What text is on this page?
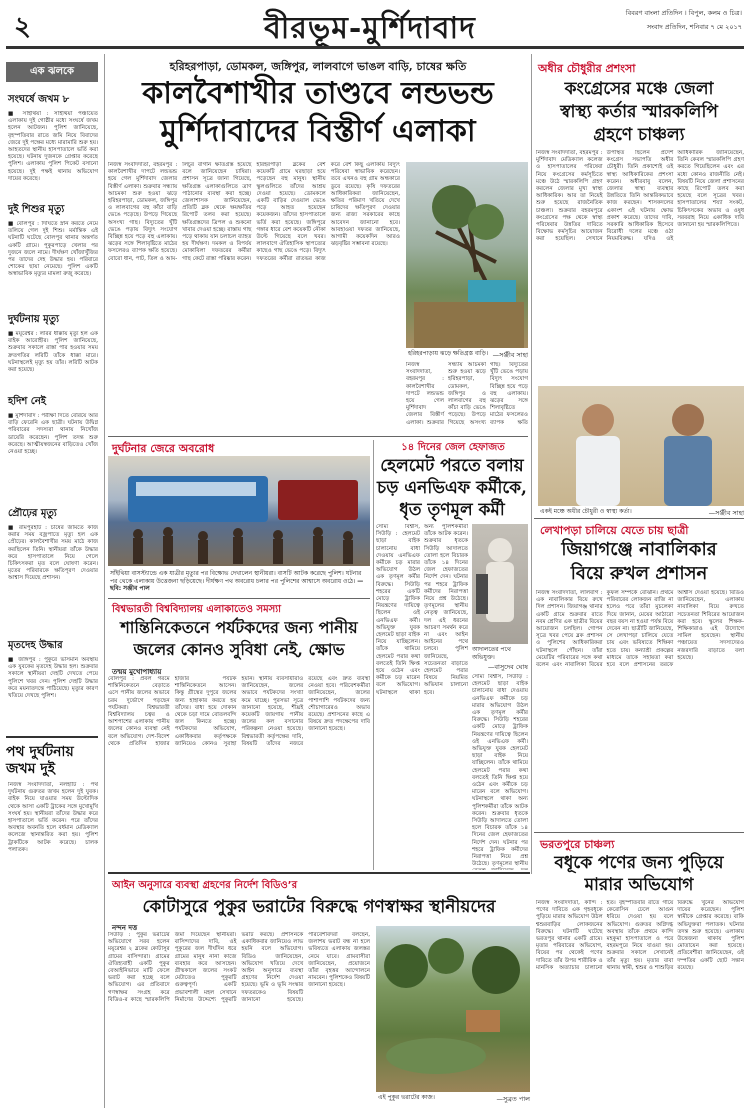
২	বীরভূম-মুর্শিদাবাদ	বিবরণ বাংলা প্রতিদিন । বিপুল, কলম ও চিত্র।
সংবাদ প্রতিদিন, শনিবার ৭ মে ২০১৭
এক ঝলকে
সংঘর্ষে জখম ৮
■ সাঁইথিয়া : সাঁইথিয়া পঞ্চায়েত এলাকায় দুই গোষ্ঠীর মধ্যে সংঘর্ষে জখম হলেন আটজন। পুলিশ জানিয়েছে, বৃহস্পতিবার রাতে জমি নিয়ে বিবাদের জেরে দুই পক্ষের মধ্যে মারামারি শুরু হয়। আহতদের স্থানীয় হাসপাতালে ভর্তি করা হয়েছে। ঘটনায় দুজনকে গ্রেপ্তার করেছে পুলিশ। এলাকায় পুলিশ পিকেট বসানো হয়েছে। দুই পক্ষই থানায় অভিযোগ দায়ের করেছে।
দুই শিশুর মৃত্যু
■ বোলপুর : দিঘিতে স্নান করতে নেমে তলিয়ে গেল দুই শিশু। মর্মান্তিক এই ঘটনাটি ঘটেছে বোলপুর থানার অন্তর্গত একটি গ্রামে। পুকুরপাড়ে খেলার পর দুজনে জলে নামে। দীর্ঘক্ষণ খোঁজাখুঁজির পর তাদের দেহ উদ্ধার হয়। পরিবারে শোকের ছায়া নেমেছে। পুলিশ একটি অস্বাভাবিক মৃত্যুর মামলা রুজু করেছে।
দুর্ঘটনায় মৃত্যু
■ ময়ূরেশ্বর : লরির ধাক্কায় মৃত্যু হল এক বাইক আরোহীর। পুলিশ জানিয়েছে, শুক্রবার সকালে রাস্তা পার হওয়ার সময় দ্রুতগতির লরিটি তাঁকে ধাক্কা মারে। ঘটনাস্থলেই মৃত্যু হয় তাঁর। লরিটি আটক করা হয়েছে।
হদিশ নেই
■ মুর্শিদাবাদ : পরীক্ষা দিতে বেরিয়ে আর বাড়ি ফেরেনি এক ছাত্রী। ঘটনায় উদ্বিগ্ন পরিবারের সদস্যরা থানায় নিখোঁজ ডায়েরি করেছেন। পুলিশ তদন্ত শুরু করেছে। আত্মীয়স্বজনের বাড়িতেও খোঁজ নেওয়া হচ্ছে।
প্রৌঢ়ের মৃত্যু
■ রামপুরহাট : চাষের জমিতে কাজ করার সময় বজ্রপাতে মৃত্যু হল এক প্রৌঢ়ের। কালবৈশাখীর সময় মাঠে কাজ করছিলেন তিনি। স্থানীয়রা তাঁকে উদ্ধার করে হাসপাতালে নিয়ে গেলে চিকিৎসকরা মৃত বলে ঘোষণা করেন। মৃতের পরিবারকে ক্ষতিপূরণ দেওয়ার আশ্বাস দিয়েছে প্রশাসন।
মৃতদেহ উদ্ধার
■ জঙ্গিপুর : পুকুরে ভাসমান অবস্থায় এক যুবকের মৃতদেহ উদ্ধার হল। শুক্রবার সকালে স্থানীয়রা দেহটি দেখতে পেয়ে পুলিশে খবর দেন। পুলিশ দেহটি উদ্ধার করে ময়নাতদন্তে পাঠিয়েছে। মৃত্যুর কারণ খতিয়ে দেখছে পুলিশ।
পথ দুর্ঘটনায় জখম দুই
নিজস্ব সংবাদদাতা, নলহাটি : পথ দুর্ঘটনায় গুরুতর জখম হলেন দুই যুবক। বাইক নিয়ে যাওয়ার সময় উল্টোদিক থেকে আসা একটি ট্রাকের সঙ্গে মুখোমুখি সংঘর্ষ হয়। স্থানীয়রা তাঁদের উদ্ধার করে হাসপাতালে ভর্তি করেন। পরে তাঁদের অবস্থার অবনতি হলে বর্ধমান মেডিক্যাল কলেজে স্থানান্তরিত করা হয়। পুলিশ ট্রাকটিকে আটক করেছে। চালক পলাতক।
হরিহরপাড়া, ডোমকল, জঙ্গিপুর, লালবাগে ভাঙল বাড়ি, চাষের ক্ষতি
কালবৈশাখীর তাণ্ডবে লন্ডভন্ড
মুর্শিদাবাদের বিস্তীর্ণ এলাকা
নিজস্ব সংবাদদাতা, বহরমপুর : কালবৈশাখীর দাপটে লন্ডভন্ড হয়ে গেল মুর্শিদাবাদ জেলার বিস্তীর্ণ এলাকা। শুক্রবার সন্ধ্যায় আচমকা শুরু হওয়া ঝড়ে হরিহরপাড়া, ডোমকল, জঙ্গিপুর ও লালবাগের বহু কাঁচা বাড়ি ভেঙে পড়েছে। উপড়ে গিয়েছে অসংখ্য গাছ। বিদ্যুতের খুঁটি ভেঙে পড়ায় বিদ্যুৎ সংযোগ বিচ্ছিন্ন হয়ে পড়ে বহু এলাকায়। ঝড়ের সঙ্গে শিলাবৃষ্টিতে মাঠের ফসলেরও ব্যাপক ক্ষতি হয়েছে। বোরো ধান, পাট, তিল ও আম-লিচুর বাগান ক্ষতিগ্রস্ত হয়েছে বলে জানিয়েছেন চাষিরা। প্রশাসন সূত্রে জানা গিয়েছে, ক্ষতিগ্রস্ত এলাকাগুলিতে ত্রাণ পাঠানোর ব্যবস্থা করা হচ্ছে। জেলাশাসক জানিয়েছেন, প্রতিটি ব্লক থেকে ক্ষয়ক্ষতির রিপোর্ট তলব করা হয়েছে। ক্ষতিগ্রস্তদের ত্রিপল ও শুকনো খাবার দেওয়া হচ্ছে। রাস্তায় গাছ পড়ে থাকায় যান চলাচল ব্যাহত হয় দীর্ঘক্ষণ। দমকল ও বিপর্যয় মোকাবিলা দফতরের কর্মীরা গাছ কেটে রাস্তা পরিষ্কার করেন। হরিহরপাড়া ব্লকের বেশ কয়েকটি গ্রামে ঘরছাড়া হয়ে পড়েছেন বহু মানুষ। স্থানীয় স্কুলগুলিতে তাঁদের আশ্রয় দেওয়া হয়েছে। ডোমকলে একটি বাড়ির দেওয়াল ভেঙে পড়ে আহত হয়েছেন কয়েকজন। তাঁদের হাসপাতালে ভর্তি করা হয়েছে। জঙ্গিপুরে গঙ্গার ধারে বেশ কয়েকটি নৌকা উল্টে গিয়েছে বলে খবর। লালবাগে ঐতিহাসিক স্থাপত্যের কাছেও গাছ ভেঙে পড়ে। বিদ্যুৎ দফতরের কর্মীরা রাতভর কাজ করে বেশ কিছু এলাকায় বিদ্যুৎ পরিষেবা স্বাভাবিক করেছেন। তবে এখনও বহু গ্রাম অন্ধকারে ডুবে রয়েছে। কৃষি দফতরের আধিকারিকরা জানিয়েছেন, ক্ষতির পরিমাণ খতিয়ে দেখে চাষিদের ক্ষতিপূরণ দেওয়ার জন্য রাজ্য সরকারের কাছে আবেদন জানানো হবে। আবহাওয়া দফতর জানিয়েছে, আগামী কয়েকদিন আরও ঝড়বৃষ্টির সম্ভাবনা রয়েছে।
হরিহরপাড়ায় ঝড়ে ক্ষতিগ্রস্ত বাড়ি। —সঞ্জীব সাহা
নিজস্ব সংবাদদাতা, বহরমপুর : কালবৈশাখীর দাপটে লন্ডভন্ড হয়ে গেল মুর্শিদাবাদ জেলার বিস্তীর্ণ এলাকা। শুক্রবার সন্ধ্যায় আচমকা শুরু হওয়া ঝড়ে হরিহরপাড়া, ডোমকল, জঙ্গিপুর ও লালবাগের বহু কাঁচা বাড়ি ভেঙে পড়েছে। উপড়ে গিয়েছে অসংখ্য গাছ। বিদ্যুতের খুঁটি ভেঙে পড়ায় বিদ্যুৎ সংযোগ বিচ্ছিন্ন হয়ে পড়ে বহু এলাকায়। ঝড়ের সঙ্গে শিলাবৃষ্টিতে মাঠের ফসলেরও ব্যাপক ক্ষতি
দুর্ঘটনার জেরে অবরোধ
সাঁইথিয়া বাসস্ট্যান্ডে এক যাত্রীর মৃত্যুর পর বিক্ষোভ দেখালেন স্থানীয়রা। বাসটি আটক করেছে পুলিশ। ঘটনার পর থেকে এলাকায় উত্তেজনা ছড়িয়েছে। দীর্ঘক্ষণ পথ অবরোধ চলার পর পুলিশের আশ্বাসে অবরোধ ওঠে। —ছবি: সঞ্জীব পাল
বিশ্বভারতী বিশ্ববিদ্যালয় এলাকাতেও সমস্যা
শান্তিনিকেতনে পর্যটকদের জন্য পানীয়
জলের কোনও সুবিধা নেই, ক্ষোভ
তন্ময় মুখোপাধ্যায়
বোলপুর : প্রবল গরমে শান্তিনিকেতনে বেড়াতে এসে পানীয় জলের অভাবে চরম দুর্ভোগে পড়ছেন পর্যটকরা। বিশ্বভারতী বিশ্ববিদ্যালয় চত্বর ও আশপাশের এলাকায় পানীয় জলের কোনও ব্যবস্থা নেই বলে অভিযোগ। দেশ-বিদেশ থেকে প্রতিদিন হাজার হাজার পর্যটক শান্তিনিকেতনে আসেন। কিন্তু গ্রীষ্মের দুপুরে জলের জন্য হাহাকার করতে হয় তাঁদের। বাধ্য হয়ে দোকান থেকে চড়া দামে বোতলবন্দি জল কিনতে হচ্ছে। পর্যটকদের অভিযোগ, একাধিকবার কর্তৃপক্ষকে জানিয়েও কোনও সুরাহা হয়নি। স্থানীয় ব্যবসায়ীরাও জানিয়েছেন, জলের অভাবে পর্যটকদের সংখ্যা কমে যাচ্ছে। পুরসভা সূত্রে জানানো হয়েছে, শীঘ্রই কয়েকটি জায়গায় পানীয় জলের কল বসানোর পরিকল্পনা নেওয়া হয়েছে। বিশ্বভারতী কর্তৃপক্ষের দাবি, বিষয়টি তাঁদের নজরে রয়েছে এবং দ্রুত ব্যবস্থা নেওয়া হবে। পরিবেশকর্মীরা জানিয়েছেন, জলের পাশাপাশি পর্যটকদের জন্য শৌচাগারেরও অভাব রয়েছে। প্রশাসনের কাছে এ বিষয়ে দ্রুত পদক্ষেপের দাবি জানানো হয়েছে।
১৪ দিনের জেল হেফাজত
হেলমেট পরতে বলায়
চড় এনভিএফ কর্মীকে,
ধৃত তৃণমূল কর্মী
সৌম্য বিশ্বাস, সিউড়ি : হেলমেট ছাড়া বাইক চালানোয় বাধা দেওয়ায় এনভিএফ কর্মীকে চড় মারার অভিযোগ উঠল এক তৃণমূল কর্মীর বিরুদ্ধে। সিউড়ি শহরের একটি মোড়ে ট্রাফিক নিয়ন্ত্রণের দায়িত্বে ছিলেন ওই এনভিএফ কর্মী। অভিযুক্ত যুবক হেলমেট ছাড়া বাইক নিয়ে যাচ্ছিলেন। তাঁকে থামিয়ে হেলমেট পরার কথা বলতেই তিনি ক্ষিপ্ত হয়ে ওঠেন এবং কর্মীকে চড় মারেন বলে অভিযোগ। ঘটনাস্থলে থাকা অন্য পুলিশকর্মীরা তাঁকে আটক করেন। শুক্রবার ধৃতকে সিউড়ি আদালতে তোলা হলে বিচারক তাঁকে ১৪ দিনের জেল হেফাজতের নির্দেশ দেন। ঘটনার পর শহরে ট্রাফিক কর্মীদের নিরাপত্তা নিয়ে প্রশ্ন উঠেছে। তৃণমূলের স্থানীয় নেতৃত্ব জানিয়েছে, দল এই ধরনের আচরণ সমর্থন করে না এবং আইন আইনের পথে চলবে। পুলিশ জানিয়েছে, সচেতনতা বাড়াতে হেলমেট পরার বিষয়ে নিয়মিত অভিযান চালানো হবে।
আদালতের পথে অভিযুক্ত।
—বাসুদেব ঘোষ
সৌম্য বিশ্বাস, সিউড়ি : হেলমেট ছাড়া বাইক চালানোয় বাধা দেওয়ায় এনভিএফ কর্মীকে চড় মারার অভিযোগ উঠল এক তৃণমূল কর্মীর বিরুদ্ধে। সিউড়ি শহরের একটি মোড়ে ট্রাফিক নিয়ন্ত্রণের দায়িত্বে ছিলেন ওই এনভিএফ কর্মী। অভিযুক্ত যুবক হেলমেট ছাড়া বাইক নিয়ে যাচ্ছিলেন। তাঁকে থামিয়ে হেলমেট পরার কথা বলতেই তিনি ক্ষিপ্ত হয়ে ওঠেন এবং কর্মীকে চড় মারেন বলে অভিযোগ। ঘটনাস্থলে থাকা অন্য পুলিশকর্মীরা তাঁকে আটক করেন। শুক্রবার ধৃতকে সিউড়ি আদালতে তোলা হলে বিচারক তাঁকে ১৪ দিনের জেল হেফাজতের নির্দেশ দেন। ঘটনার পর শহরে ট্রাফিক কর্মীদের নিরাপত্তা নিয়ে প্রশ্ন উঠেছে। তৃণমূলের স্থানীয়
অধীর চৌধুরীর প্রশংসা
কংগ্রেসের মঞ্চে জেলা
স্বাস্থ্য কর্তার স্মারকলিপি
গ্রহণে চাঞ্চল্য
নিজস্ব সংবাদদাতা, বহরমপুর : মুর্শিদাবাদ মেডিক্যাল কলেজ ও হাসপাতালের পরিষেবা নিয়ে কংগ্রেসের কর্মসূচিতে মঞ্চে উঠে স্মারকলিপি গ্রহণ করলেন জেলার মুখ্য স্বাস্থ্য আধিকারিক। আর তা নিয়েই শুরু হয়েছে রাজনৈতিক চাঞ্চল্য। শুক্রবার বহরমপুরে কংগ্রেসের পক্ষ থেকে স্বাস্থ্য পরিষেবার উন্নতির দাবিতে বিক্ষোভ কর্মসূচির আয়োজন করা হয়েছিল। সেখানে উপস্থিত ছিলেন প্রদেশ কংগ্রেস সভাপতি অধীর চৌধুরী। তিনি প্রকাশ্যেই ওই স্বাস্থ্য আধিকারিকের প্রশংসা করেন। অধীরবাবু বলেন, জেলার স্বাস্থ্য ব্যবস্থার উন্নতিতে তিনি আন্তরিকভাবে কাজ করছেন। শাসকদলের একাংশ এই ঘটনায় ক্ষোভ প্রকাশ করেছে। তাদের দাবি, সরকারি আধিকারিক হিসেবে বিরোধী দলের মঞ্চে ওঠা নিয়মবিরুদ্ধ। যদিও ওই আধিকারিক জানিয়েছেন, তিনি কেবল স্মারকলিপি গ্রহণ করতে গিয়েছিলেন এবং এর মধ্যে কোনও রাজনীতি নেই। বিষয়টি নিয়ে জেলা প্রশাসনের কাছে রিপোর্ট তলব করা হয়েছে বলে সূত্রের খবর। হাসপাতালের শয্যা সংকট, চিকিৎসকের অভাব ও ওষুধ সরবরাহ নিয়ে একাধিক দাবি জানানো হয় স্মারকলিপিতে।
একই মঞ্চে অধীর চৌধুরী ও স্বাস্থ্য কর্তা।	—সঞ্জীব সাহা
লেখাপড়া চালিয়ে যেতে চায় ছাত্রী
জিয়াগঞ্জে নাবালিকার
বিয়ে রুখল প্রশাসন
নিজস্ব সংবাদদাতা, লালবাগ : এক নাবালিকার বিয়ে রুখে দিল প্রশাসন। জিয়াগঞ্জ থানার একটি গ্রামে শুক্রবার রাতে নবম শ্রেণির এক ছাত্রীর বিয়ের আয়োজন চলছিল। গোপন সূত্রে খবর পেয়ে ব্লক প্রশাসন ও পুলিশের আধিকারিকরা ঘটনাস্থলে পৌঁছন। তাঁরা মেয়েটির পরিবারের সঙ্গে কথা বলেন এবং নাবালিকা বিয়ের কুফল সম্পর্কে বোঝান। প্রথমে পরিবারের লোকজন রাজি না হলেও পরে তাঁরা মুচলেকা দিয়ে জানান, মেয়ের আঠারো বছর বয়স না হওয়া পর্যন্ত বিয়ে দেবেন না। ছাত্রীটি জানিয়েছে, সে লেখাপড়া চালিয়ে যেতে চায় এবং ভবিষ্যতে শিক্ষিকা হতে চায়। কন্যাশ্রী প্রকল্পের মাধ্যমে তাকে সহায়তা করা হবে বলে প্রশাসনের তরফে আশ্বাস দেওয়া হয়েছে। বিডিও জানিয়েছেন, এলাকায় নাবালিকা বিয়ে রুখতে সচেতনতা শিবিরের আয়োজন করা হবে। স্কুলের শিক্ষক-শিক্ষিকারাও এই উদ্যোগে সামিল হয়েছেন। স্থানীয় পঞ্চায়েত সদস্যদেরও নজরদারি বাড়াতে বলা হয়েছে।
ভরতপুরে চাঞ্চল্য
বধূকে পণের জন্য পুড়িয়ে
মারার অভিযোগ
নিজস্ব সংবাদদাতা, কান্দি : পণের দাবিতে এক গৃহবধূকে পুড়িয়ে মারার অভিযোগ উঠল শ্বশুরবাড়ির লোকজনের বিরুদ্ধে। ঘটনাটি ঘটেছে ভরতপুর থানার একটি গ্রামে। মৃতার পরিবারের অভিযোগ, বিয়ের পর থেকেই পণের দাবিতে তাঁর উপর শারীরিক ও মানসিক অত্যাচার চালানো হত। বৃহস্পতিবার রাতে গায়ে কেরোসিন ঢেলে আগুন ধরিয়ে দেওয়া হয় বলে অভিযোগ। গুরুতর অগ্নিদগ্ধ অবস্থায় তাঁকে প্রথমে কান্দি মহকুমা হাসপাতালে ও পরে বহরমপুরে নিয়ে যাওয়া হয়। শুক্রবার সকালে সেখানেই তাঁর মৃত্যু হয়। মৃতার বাবা থানায় স্বামী, শ্বশুর ও শাশুড়ির বিরুদ্ধে খুনের অভিযোগ দায়ের করেছেন। পুলিশ স্বামীকে গ্রেপ্তার করেছে। বাকি অভিযুক্তরা পলাতক। ঘটনার তদন্ত শুরু হয়েছে। এলাকায় উত্তেজনা থাকায় পুলিশ মোতায়েন করা হয়েছে। প্রতিবেশীরা জানিয়েছেন, ওই দম্পতির একটি ছোট সন্তান রয়েছে।
আইন অনুসারে ব্যবস্থা গ্রহণের নির্দেশ বিডিও’র
কোটাসুরে পুকুর ভরাটের বিরুদ্ধে গণস্বাক্ষর স্থানীয়দের
নন্দন দত্ত
সিউড়ি : পুকুর ভরাটের অভিযোগে সরব হলেন ময়ূরেশ্বর ২ ব্লকের কোটাসুর গ্রামের বাসিন্দারা। গ্রামের ঐতিহ্যবাহী একটি পুকুর বেআইনিভাবে মাটি ফেলে ভরাট করা হচ্ছে বলে অভিযোগ। এর প্রতিবাদে গণস্বাক্ষর সংগ্রহ করে বিডিও-র কাছে স্মারকলিপি জমা দিয়েছেন স্থানীয়রা। বাসিন্দাদের দাবি, ওই পুকুরের জল দীর্ঘদিন ধরে গ্রামের মানুষ নানা কাজে ব্যবহার করে আসছেন। গ্রীষ্মকালে জলের সংকট মেটাতেও পুকুরটি গুরুত্বপূর্ণ। একটি প্রভাবশালী মহল সেখানে নির্মাণের উদ্দেশ্যে পুকুরটি ভরাট করছে। প্রশাসনকে একাধিকবার জানিয়েও লাভ হয়নি বলে অভিযোগ। বিডিও জানিয়েছেন, অভিযোগ খতিয়ে দেখে আইন অনুসারে ব্যবস্থা গ্রহণের নির্দেশ দেওয়া হয়েছে। ভূমি ও ভূমি সংস্কার দফতরকেও বিষয়টি জানানো হয়েছে। পরিবেশবিদরা বলছেন, জলাশয় ভরাট বন্ধ না হলে ভবিষ্যতে এলাকায় জলস্তর নেমে যাবে। গ্রামবাসীরা জানিয়েছেন, প্রয়োজনে তাঁরা বৃহত্তর আন্দোলনে নামবেন। পুলিশকেও বিষয়টি জানানো হয়েছে।
এই পুকুর ভরাটের কাজ।	—সুব্রত পাল
